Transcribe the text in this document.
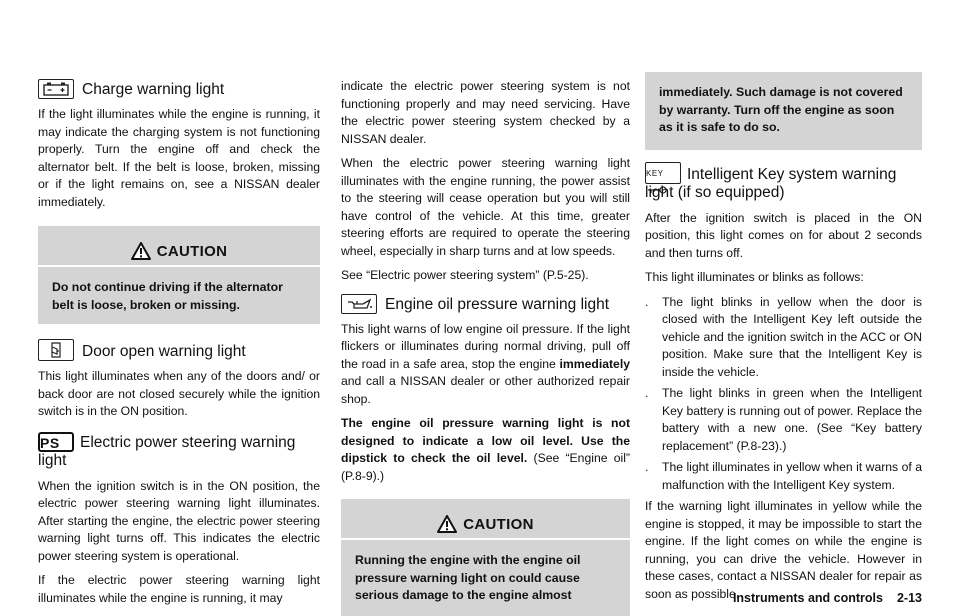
Charge warning light

If the light illuminates while the engine is running, it may indicate the charging system is not functioning properly. Turn the engine off and check the alternator belt. If the belt is loose, broken, missing or if the light remains on, see a NISSAN dealer immediately.

CAUTION
Do not continue driving if the alternator belt is loose, broken or missing.
Door open warning light

This light illuminates when any of the doors and/ or back door are not closed securely while the ignition switch is in the ON position.

PS Electric power steering warning light

When the ignition switch is in the ON position, the electric power steering warning light illuminates. After starting the engine, the electric power steering warning light turns off. This indicates the electric power steering system is operational.

If the electric power steering warning light illuminates while the engine is running, it may

indicate the electric power steering system is not functioning properly and may need servicing. Have the electric power steering system checked by a NISSAN dealer.

When the electric power steering warning light illuminates with the engine running, the power assist to the steering will cease operation but you will still have control of the vehicle. At this time, greater steering efforts are required to operate the steering wheel, especially in sharp turns and at low speeds.

See “Electric power steering system” (P.5-25).

Engine oil pressure warning light

This light warns of low engine oil pressure. If the light flickers or illuminates during normal driving, pull off the road in a safe area, stop the engine immediately and call a NISSAN dealer or other authorized repair shop.

The engine oil pressure warning light is not designed to indicate a low oil level. Use the dipstick to check the oil level. (See “Engine oil” (P.8-9).)

CAUTION
Running the engine with the engine oil pressure warning light on could cause serious damage to the engine almost
immediately. Such damage is not covered by warranty. Turn off the engine as soon as it is safe to do so.
KEY Intelligent Key system warning light (if so equipped)

After the ignition switch is placed in the ON position, this light comes on for about 2 seconds and then turns off.

This light illuminates or blinks as follows:

. The light blinks in yellow when the door is closed with the Intelligent Key left outside the vehicle and the ignition switch in the ACC or ON position. Make sure that the Intelligent Key is inside the vehicle.
. The light blinks in green when the Intelligent Key battery is running out of power. Replace the battery with a new one. (See “Key battery replacement” (P.8-23).)
. The light illuminates in yellow when it warns of a malfunction with the Intelligent Key system.

If the warning light illuminates in yellow while the engine is stopped, it may be impossible to start the engine. If the light comes on while the engine is running, you can drive the vehicle. However in these cases, contact a NISSAN dealer for repair as soon as possible.

Instruments and controls 2-13
